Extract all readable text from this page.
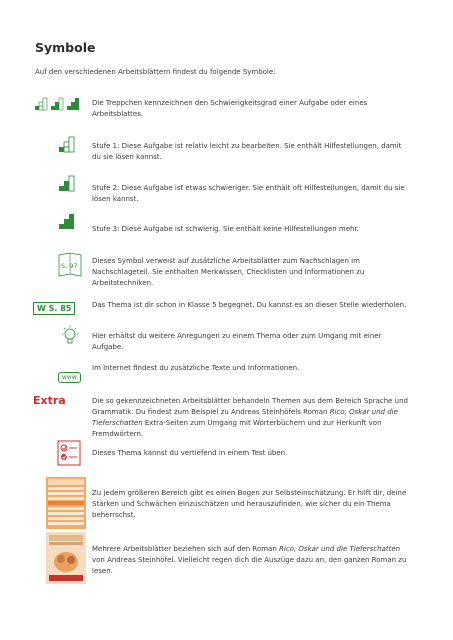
Symbole
Auf den verschiedenen Arbeitsblättern findest du folgende Symbole:
Die Treppchen kennzeichnen den Schwierigkeitsgrad einer Aufgabe oder eines Arbeitsblattes.
Stufe 1: Diese Aufgabe ist relativ leicht zu bearbeiten. Sie enthält Hilfestellungen, damit du sie lösen kannst.
Stufe 2: Diese Aufgabe ist etwas schwieriger. Sie enthält oft Hilfestellungen, damit du sie lösen kannst.
Stufe 3: Diese Aufgabe ist schwierig. Sie enthält keine Hilfestellungen mehr.
S. 97
Dieses Symbol verweist auf zusätzliche Arbeitsblätter zum Nachschlagen im Nachschlageteil. Sie enthalten Merkwissen, Checklisten und Informationen zu Arbeitstechniken.
W S. 85	Das Thema ist dir schon in Klasse 5 begegnet. Du kannst es an dieser Stelle wiederholen.
Hier erhältst du weitere Anregungen zu einem Thema oder zum Umgang mit einer Aufgabe.
www
Im Internet findest du zusätzliche Texte und Informationen.
Extra	Die so gekennzeichneten Arbeitsblätter behandeln Themen aus dem Bereich Sprache und Grammatik. Du findest zum Beispiel zu Andreas Steinhöfels Roman Rico, Oskar und die Tieferschatten Extra-Seiten zum Umgang mit Wörterbüchern und zur Herkunft von Fremdwörtern.
Dieses Thema kannst du vertiefend in einem Test üben.
Zu jedem größeren Bereich gibt es einen Bogen zur Selbsteinschätzung. Er hilft dir, deine Stärken und Schwächen einzuschätzen und herauszufinden, wie sicher du ein Thema beherrschst.
Mehrere Arbeitsblätter beziehen sich auf den Roman Rico, Oskar und die Tieferschatten von Andreas Steinhöfel. Vielleicht regen dich die Auszüge dazu an, den ganzen Roman zu lesen.
